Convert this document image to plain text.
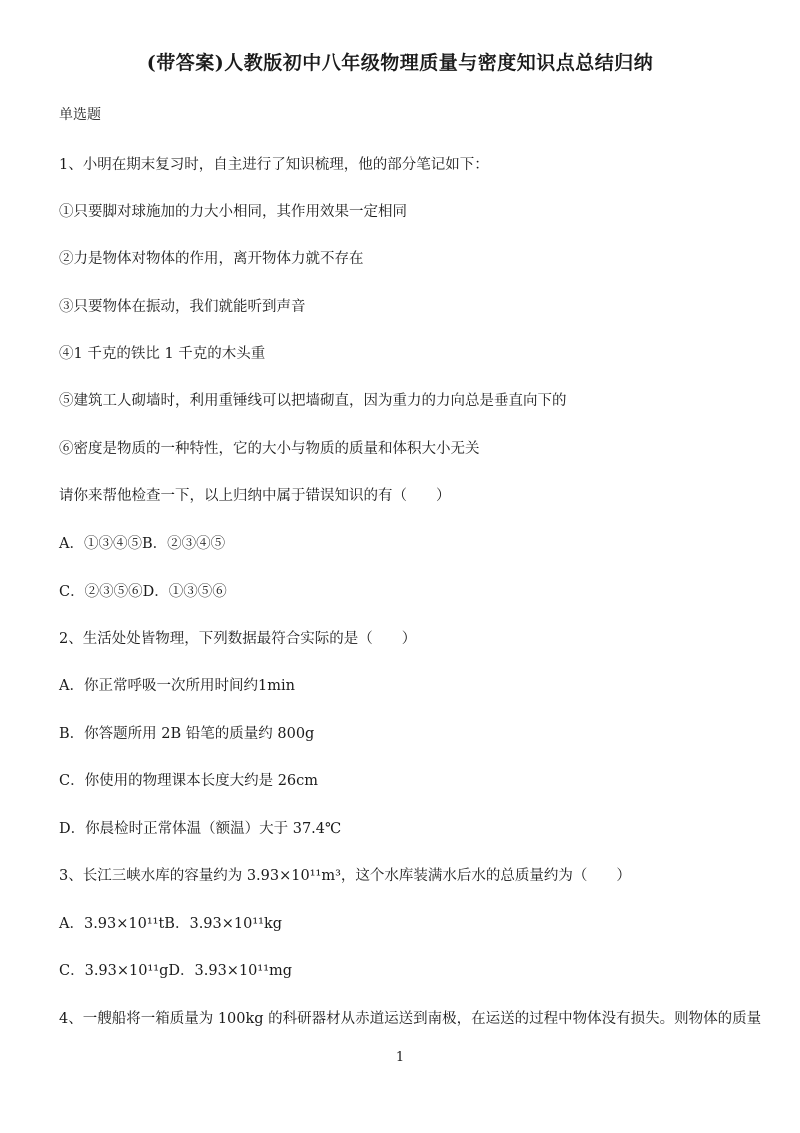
(带答案)人教版初中八年级物理质量与密度知识点总结归纳
单选题
1、小明在期末复习时，自主进行了知识梳理，他的部分笔记如下：
①只要脚对球施加的力大小相同，其作用效果一定相同
②力是物体对物体的作用，离开物体力就不存在
③只要物体在振动，我们就能听到声音
④1 千克的铁比 1 千克的木头重
⑤建筑工人砌墙时，利用重锤线可以把墙砌直，因为重力的力向总是垂直向下的
⑥密度是物质的一种特性，它的大小与物质的质量和体积大小无关
请你来帮他检查一下，以上归纳中属于错误知识的有（　　）
A．①③④⑤B．②③④⑤
C．②③⑤⑥D．①③⑤⑥
2、生活处处皆物理，下列数据最符合实际的是（　　）
A．你正常呼吸一次所用时间约1min
B．你答题所用 2B 铅笔的质量约 800g
C．你使用的物理课本长度大约是 26cm
D．你晨检时正常体温（额温）大于 37.4℃
3、长江三峡水库的容量约为 3.93×10¹¹m³，这个水库装满水后水的总质量约为（　　）
A．3.93×10¹¹tB．3.93×10¹¹kg
C．3.93×10¹¹gD．3.93×10¹¹mg
4、一艘船将一箱质量为 100kg 的科研器材从赤道运送到南极，在运送的过程中物体没有损失。则物体的质量
1
